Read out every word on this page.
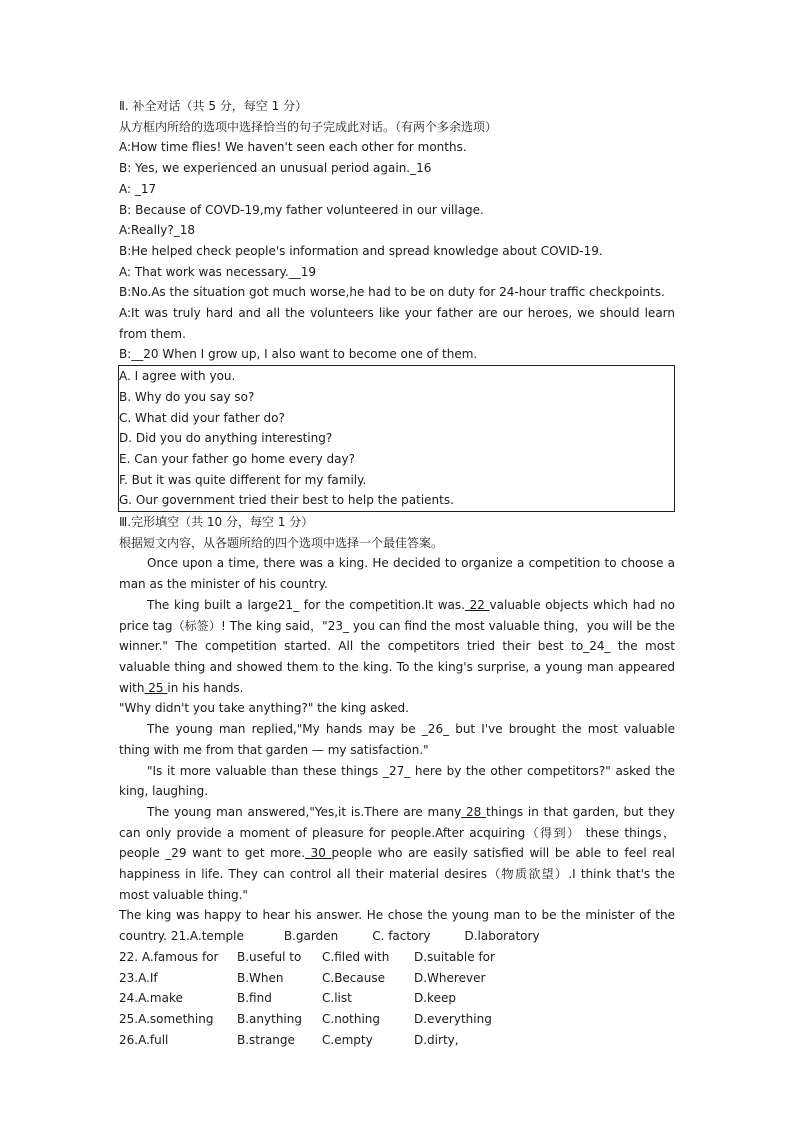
Ⅱ. 补全对话（共 5 分，每空 1 分）
从方框内所给的选项中选择恰当的句子完成此对话。（有两个多余选项）
A:How time flies! We haven't seen each other for months.
B: Yes, we experienced an unusual period again._16
A: _17
B: Because of COVD-19,my father volunteered in our village.
A:Really?_18
B:He helped check people's information and spread knowledge about COVID-19.
A: That work was necessary.__19
B:No.As the situation got much worse,he had to be on duty for 24-hour traffic checkpoints.
A:It was truly hard and all the volunteers like your father are our heroes, we should learn from them.
B:__20 When I grow up, I also want to become one of them.
A. I agree with you.
B. Why do you say so?
C. What did your father do?
D. Did you do anything interesting?
E. Can your father go home every day?
F. But it was quite different for my family.
G. Our government tried their best to help the patients.
Ⅲ.完形填空（共 10 分，每空 1 分）
根据短文内容，从各题所给的四个选项中选择一个最佳答案。
Once upon a time, there was a king. He decided to organize a competition to choose a man as the minister of his country.
The king built a large21_ for the competition.It was. 22 valuable objects which had no price tag（标签）! The king said，"23_ you can find the most valuable thing，you will be the winner." The competition started. All the competitors tried their best to_24_ the most valuable thing and showed them to the king. To the king's surprise, a young man appeared with 25 in his hands.
"Why didn't you take anything?" the king asked.
The young man replied,"My hands may be _26_ but I've brought the most valuable thing with me from that garden — my satisfaction."
"Is it more valuable than these things _27_ here by the other competitors?" asked the king, laughing.
The young man answered,"Yes,it is.There are many 28 things in that garden, but they can only provide a moment of pleasure for people.After acquiring（得到） these things，people _29 want to get more. 30 people who are easily satisfied will be able to feel real happiness in life. They can control all their material desires（物质欲望）.I think that's the most valuable thing."
The king was happy to hear his answer. He chose the young man to be the minister of the country. 21.A.temple	B.garden	C. factory	D.laboratory
22. A.famous for	B.useful to	C.filed with	D.suitable for
23.A.If	B.When	C.Because	D.Wherever
24.A.make	B.find	C.list	D.keep
25.A.something	B.anything	C.nothing	D.everything
26.A.full	B.strange	C.empty	D.dirty,
